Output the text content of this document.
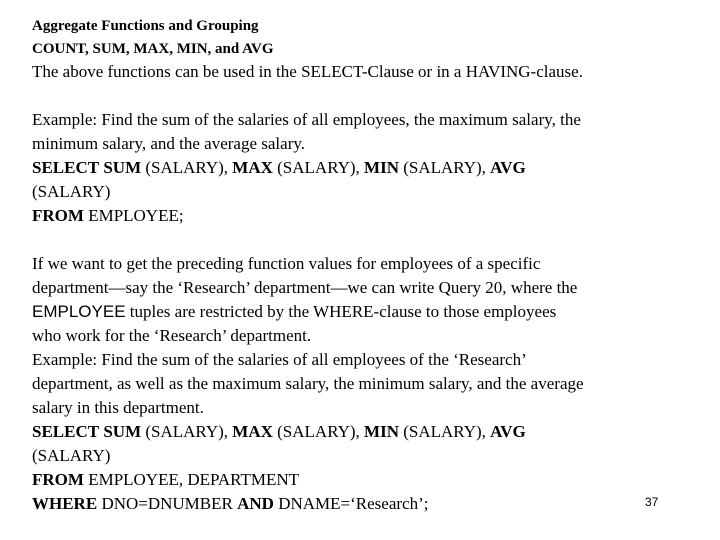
Aggregate Functions and Grouping
COUNT, SUM, MAX, MIN, and AVG
The above functions can be used in the SELECT-Clause or in a HAVING-clause.
Example: Find the sum of the salaries of all employees, the maximum salary, the
minimum salary, and the average salary.
SELECT SUM (SALARY), MAX (SALARY), MIN (SALARY), AVG
(SALARY)
FROM EMPLOYEE;
If we want to get the preceding function values for employees of a specific
department—say the ‘Research’ department—we can write Query 20, where the
EMPLOYEE tuples are restricted by the WHERE-clause to those employees
who work for the ‘Research’ department.
Example: Find the sum of the salaries of all employees of the ‘Research’
department, as well as the maximum salary, the minimum salary, and the average
salary in this department.
SELECT SUM (SALARY), MAX (SALARY), MIN (SALARY), AVG
(SALARY)
FROM EMPLOYEE, DEPARTMENT
WHERE DNO=DNUMBER AND DNAME=‘Research’;	37
